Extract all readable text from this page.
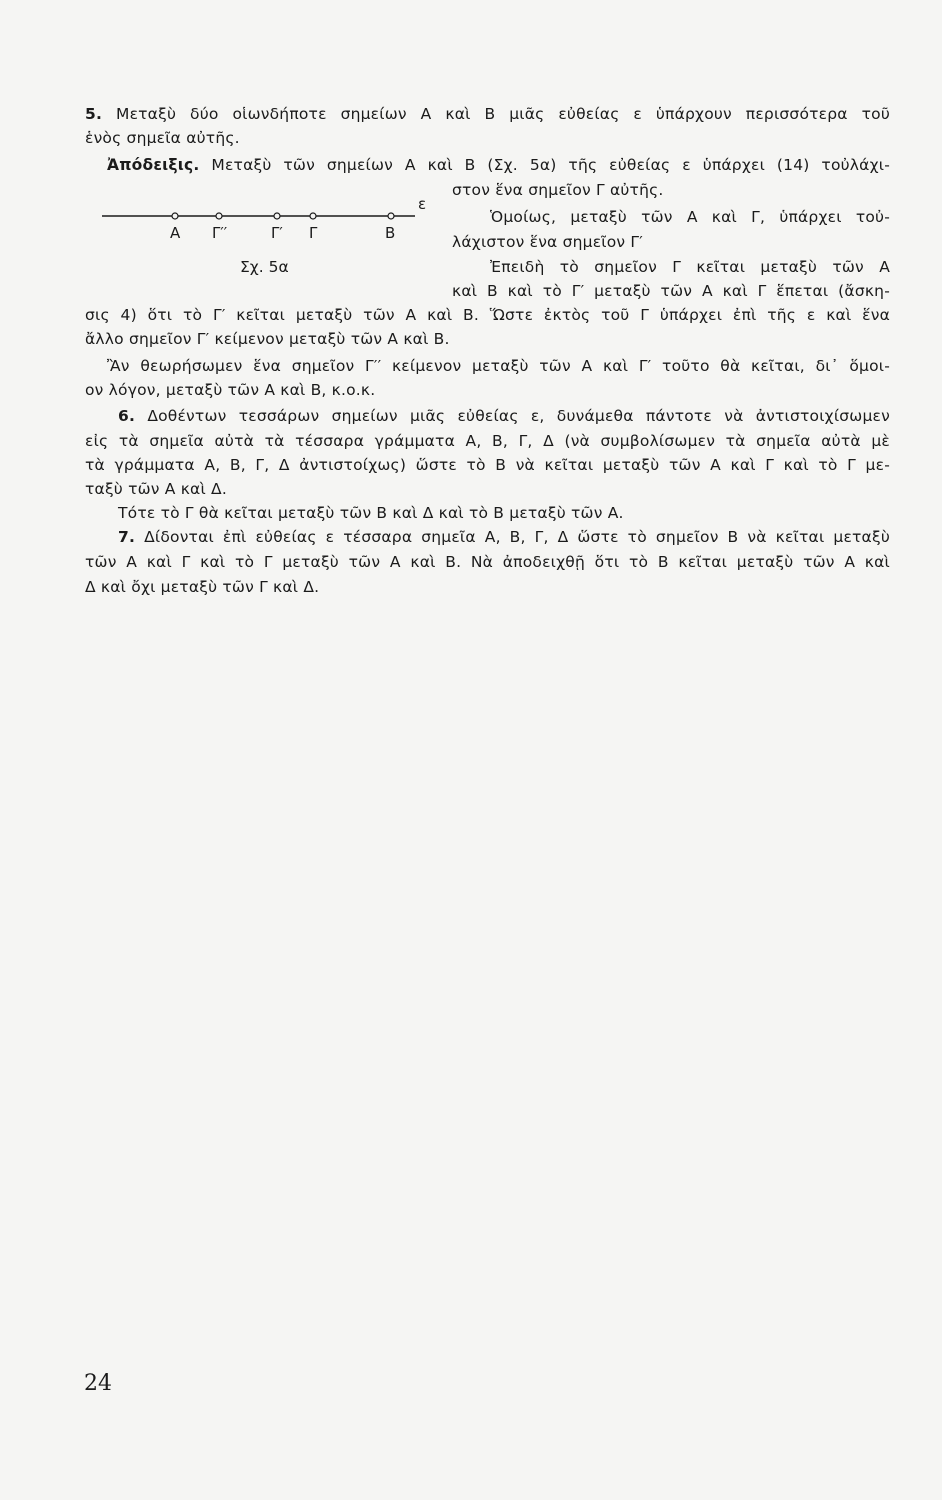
5. Μεταξὺ δύο οἱωνδήποτε σημείων Α καὶ Β μιᾶς εὐθείας ε ὑπάρχουν περισσότερα τοῦ
ἑνὸς σημεῖα αὐτῆς.
Ἀπόδειξις. Μεταξὺ τῶν σημείων Α καὶ Β (Σχ. 5α) τῆς εὐθείας ε ὑπάρχει (14) τοὐλάχι-
στον ἕνα σημεῖον Γ αὐτῆς.
Ὁμοίως, μεταξὺ τῶν Α καὶ Γ, ὑπάρχει τοὐ-
λάχιστον ἕνα σημεῖον Γ′
Ἐπειδὴ τὸ σημεῖον Γ κεῖται μεταξὺ τῶν Α
καὶ Β καὶ τὸ Γ′ μεταξὺ τῶν Α καὶ Γ ἕπεται (ἄσκη-
σις 4) ὅτι τὸ Γ′ κεῖται μεταξὺ τῶν Α καὶ Β. Ὥστε ἐκτὸς τοῦ Γ ὑπάρχει ἐπὶ τῆς ε καὶ ἕνα
ἄλλο σημεῖον Γ′ κείμενον μεταξὺ τῶν Α καὶ Β.
Ἂν θεωρήσωμεν ἕνα σημεῖον Γ′′ κείμενον μεταξὺ τῶν Α καὶ Γ′ τοῦτο θὰ κεῖται, δι᾽ ὅμοι-
ον λόγον, μεταξὺ τῶν Α καὶ Β, κ.ο.κ.
6. Δοθέντων τεσσάρων σημείων μιᾶς εὐθείας ε, δυνάμεθα πάντοτε νὰ ἀντιστοιχίσωμεν
εἰς τὰ σημεῖα αὐτὰ τὰ τέσσαρα γράμματα Α, Β, Γ, Δ (νὰ συμβολίσωμεν τὰ σημεῖα αὐτὰ μὲ
τὰ γράμματα Α, Β, Γ, Δ ἀντιστοίχως) ὥστε τὸ Β νὰ κεῖται μεταξὺ τῶν Α καὶ Γ καὶ τὸ Γ με-
ταξὺ τῶν Α καὶ Δ.
Τότε τὸ Γ θὰ κεῖται μεταξὺ τῶν Β καὶ Δ καὶ τὸ Β μεταξὺ τῶν Α.
7. Δίδονται ἐπὶ εὐθείας ε τέσσαρα σημεῖα Α, Β, Γ, Δ ὥστε τὸ σημεῖον Β νὰ κεῖται μεταξὺ
τῶν Α καὶ Γ καὶ τὸ Γ μεταξὺ τῶν Α καὶ Β. Νὰ ἀποδειχθῇ ὅτι τὸ Β κεῖται μεταξὺ τῶν Α καὶ
Δ καὶ ὄχι μεταξὺ τῶν Γ καὶ Δ.
ε
Α Γ′′	Γ′ Γ	Β
Σχ. 5α
24
